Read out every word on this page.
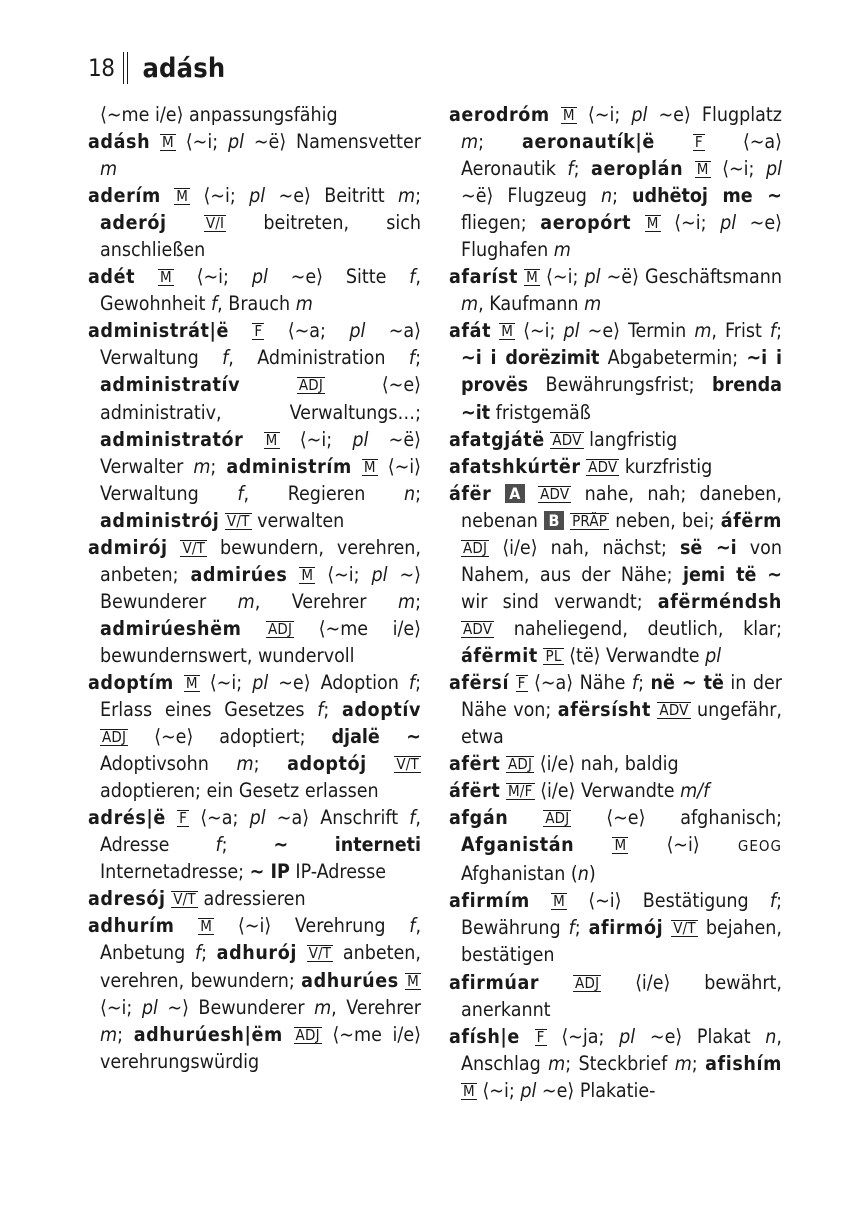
18 adásh

⟨~me i/e⟩ anpassungsfähig

adásh M ⟨~i; pl ~ë⟩ Namensvetter m

aderím M ⟨~i; pl ~e⟩ Beitritt m; aderój	V/I beitreten, sich anschließen

adét M ⟨~i; pl ~e⟩ Sitte f, Gewohnheit f, Brauch m

administrát|ë F ⟨~a; pl ~a⟩ Verwaltung f, Administration f; administratív	ADJ ⟨~e⟩ administrativ, Verwaltungs…; administratór M ⟨~i; pl ~ë⟩ Verwalter m; administrím M ⟨~i⟩ Verwaltung f, Regieren n; administrój V/T verwalten

admirój V/T bewundern, verehren, anbeten; admirúes M ⟨~i; pl ~⟩ Bewunderer m, Verehrer m; admirúeshëm ADJ ⟨~me i/e⟩ bewundernswert, wundervoll

adoptím M ⟨~i; pl ~e⟩ Adoption f; Erlass eines Gesetzes f; adoptív ADJ ⟨~e⟩ adoptiert; djalë ~ Adoptivsohn m; adoptój V/T adoptieren; ein Gesetz erlassen

adrés|ë F ⟨~a; pl ~a⟩ Anschrift f, Adresse f; ~ interneti Internetadresse; ~ IP IP-Adresse

adresój V/T adressieren

adhurím M ⟨~i⟩ Verehrung f, Anbetung f; adhurój V/T anbeten, verehren, bewundern; adhurúes M ⟨~i; pl ~⟩ Bewunderer m, Verehrer m; adhurúesh|ëm ADJ ⟨~me i/e⟩ verehrungswürdig

aerodróm M ⟨~i; pl ~e⟩ Flugplatz m; aeronautík|ë	F ⟨~a⟩ Aeronautik f; aeroplán M ⟨~i; pl ~ë⟩ Flugzeug n; udhëtoj me ~ fliegen; aeropórt M ⟨~i; pl ~e⟩ Flughafen m

afaríst M ⟨~i; pl ~ë⟩ Geschäftsmann m, Kaufmann m

afát M ⟨~i; pl ~e⟩ Termin m, Frist f; ~i i dorëzimit Abgabetermin; ~i i provës Bewährungsfrist; brenda ~it fristgemäß

afatgjátë ADV langfristig

afatshkúrtër ADV kurzfristig

áfër A ADV nahe, nah; daneben, nebenan B PRÄP neben, bei; áfërm ADJ ⟨i/e⟩ nah, nächst; së ~i von Nahem, aus der Nähe; jemi të ~ wir sind verwandt; afërméndsh ADV naheliegend, deutlich, klar; áfërmit PL ⟨të⟩ Verwandte pl

afërsí F ⟨~a⟩ Nähe f; në ~ të in der Nähe von; afërsísht ADV ungefähr, etwa

afërt ADJ ⟨i/e⟩ nah, baldig

áfërt M/F ⟨i/e⟩ Verwandte m/f

afgán ADJ ⟨~e⟩ afghanisch; Afganistán	M ⟨~i⟩ GEOG Afghanistan (n)

afirmím M ⟨~i⟩ Bestätigung f; Bewährung f; afirmój V/T bejahen, bestätigen

afirmúar ADJ ⟨i/e⟩ bewährt, anerkannt

afísh|e F ⟨~ja; pl ~e⟩ Plakat n, Anschlag m; Steckbrief m; afishím M ⟨~i; pl ~e⟩ Plakatie-
